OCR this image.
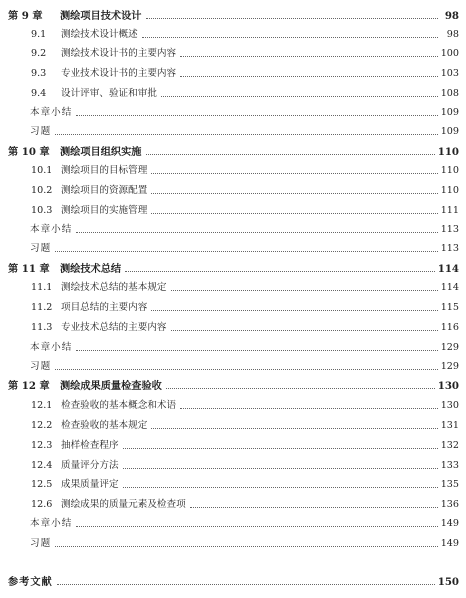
第 9 章	测绘项目技术设计	98
9.1	测绘技术设计概述	98
9.2	测绘技术设计书的主要内容	100
9.3	专业技术设计书的主要内容	103
9.4	设计评审、验证和审批	108
本章小结	109
习题	109
第 10 章	测绘项目组织实施	110
10.1 测绘项目的目标管理	110
10.2 测绘项目的资源配置	110
10.3 测绘项目的实施管理	111
本章小结	113
习题	113
第 11 章	测绘技术总结	114
11.1 测绘技术总结的基本规定	114
11.2 项目总结的主要内容	115
11.3 专业技术总结的主要内容	116
本章小结	129
习题	129
第 12 章	测绘成果质量检查验收	130
12.1 检查验收的基本概念和术语	130
12.2 检查验收的基本规定	131
12.3 抽样检查程序	132
12.4 质量评分方法	133
12.5 成果质量评定	135
12.6 测绘成果的质量元素及检查项	136
本章小结	149
习题	149
参考文献	150
